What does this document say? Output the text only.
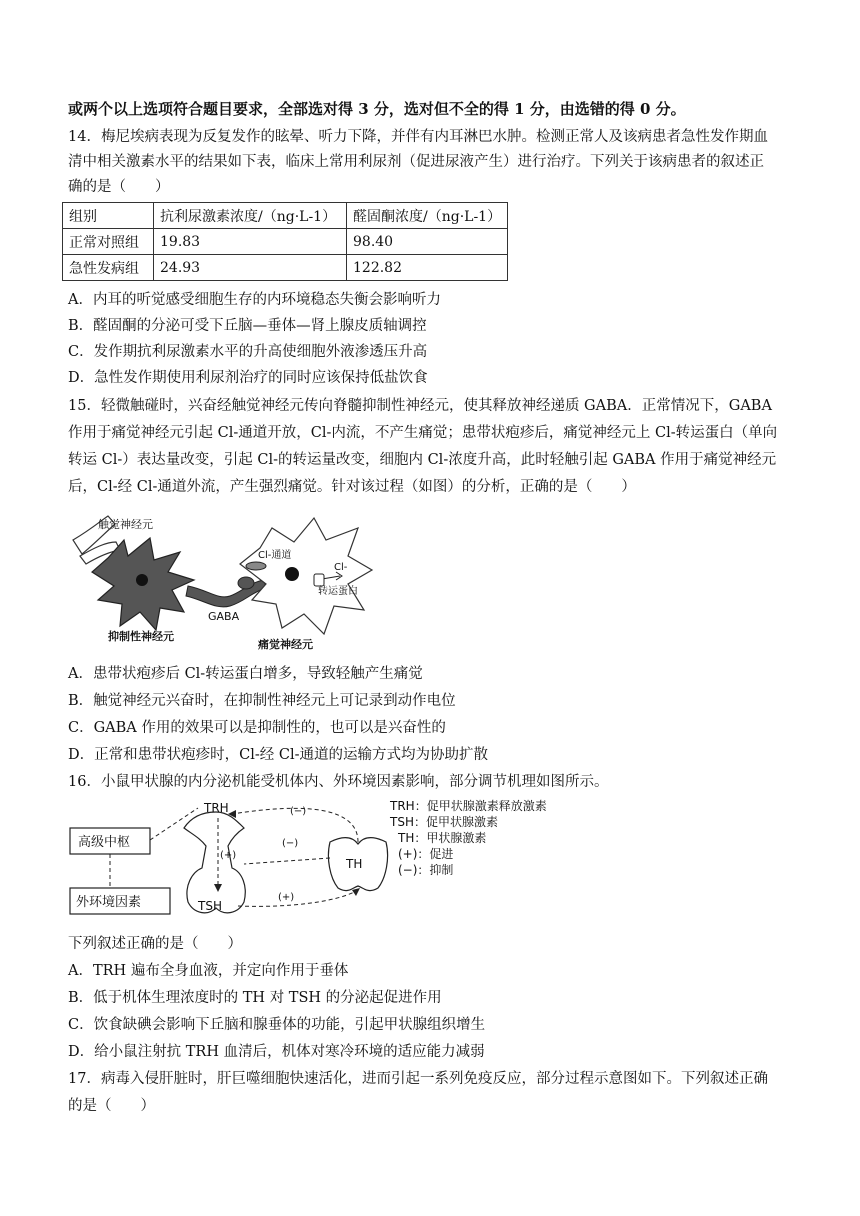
或两个以上选项符合题目要求，全部选对得 3 分，选对但不全的得 1 分，由选错的得 0 分。
14．梅尼埃病表现为反复发作的眩晕、听力下降，并伴有内耳淋巴水肿。检测正常人及该病患者急性发作期血
清中相关激素水平的结果如下表，临床上常用利尿剂（促进尿液产生）进行治疗。下列关于该病患者的叙述正
确的是（　　）
组别	抗利尿激素浓度/（ng·L-1）	醛固酮浓度/（ng·L-1）
正常对照组	19.83	98.40
急性发病组	24.93	122.82
A．内耳的听觉感受细胞生存的内环境稳态失衡会影响听力
B．醛固酮的分泌可受下丘脑—垂体—肾上腺皮质轴调控
C．发作期抗利尿激素水平的升高使细胞外液渗透压升高
D．急性发作期使用利尿剂治疗的同时应该保持低盐饮食
15．轻微触碰时，兴奋经触觉神经元传向脊髓抑制性神经元，使其释放神经递质 GABA．正常情况下，GABA
作用于痛觉神经元引起 Cl-通道开放，Cl-内流，不产生痛觉；患带状疱疹后，痛觉神经元上 Cl-转运蛋白（单向
转运 Cl-）表达量改变，引起 Cl-的转运量改变，细胞内 Cl-浓度升高，此时轻触引起 GABA 作用于痛觉神经元
后，Cl-经 Cl-通道外流，产生强烈痛觉。针对该过程（如图）的分析，正确的是（　　）
触觉神经元
GABA
抑制性神经元
Cl-通道
Cl-
转运蛋白
痛觉神经元
A．患带状疱疹后 Cl-转运蛋白增多，导致轻触产生痛觉
B．触觉神经元兴奋时，在抑制性神经元上可记录到动作电位
C．GABA 作用的效果可以是抑制性的，也可以是兴奋性的
D．正常和患带状疱疹时，Cl-经 Cl-通道的运输方式均为协助扩散
16．小鼠甲状腺的内分泌机能受机体内、外环境因素影响，部分调节机理如图所示。
高级中枢
外环境因素
TRH
(+)
TSH
TH
(−)
(−)
(+)
TRH：促甲状腺激素释放激素
TSH：促甲状腺激素
TH：甲状腺激素
(+)：促进
(−)：抑制
下列叙述正确的是（　　）
A．TRH 遍布全身血液，并定向作用于垂体
B．低于机体生理浓度时的 TH 对 TSH 的分泌起促进作用
C．饮食缺碘会影响下丘脑和腺垂体的功能，引起甲状腺组织增生
D．给小鼠注射抗 TRH 血清后，机体对寒冷环境的适应能力减弱
17．病毒入侵肝脏时，肝巨噬细胞快速活化，进而引起一系列免疫反应，部分过程示意图如下。下列叙述正确
的是（　　）
